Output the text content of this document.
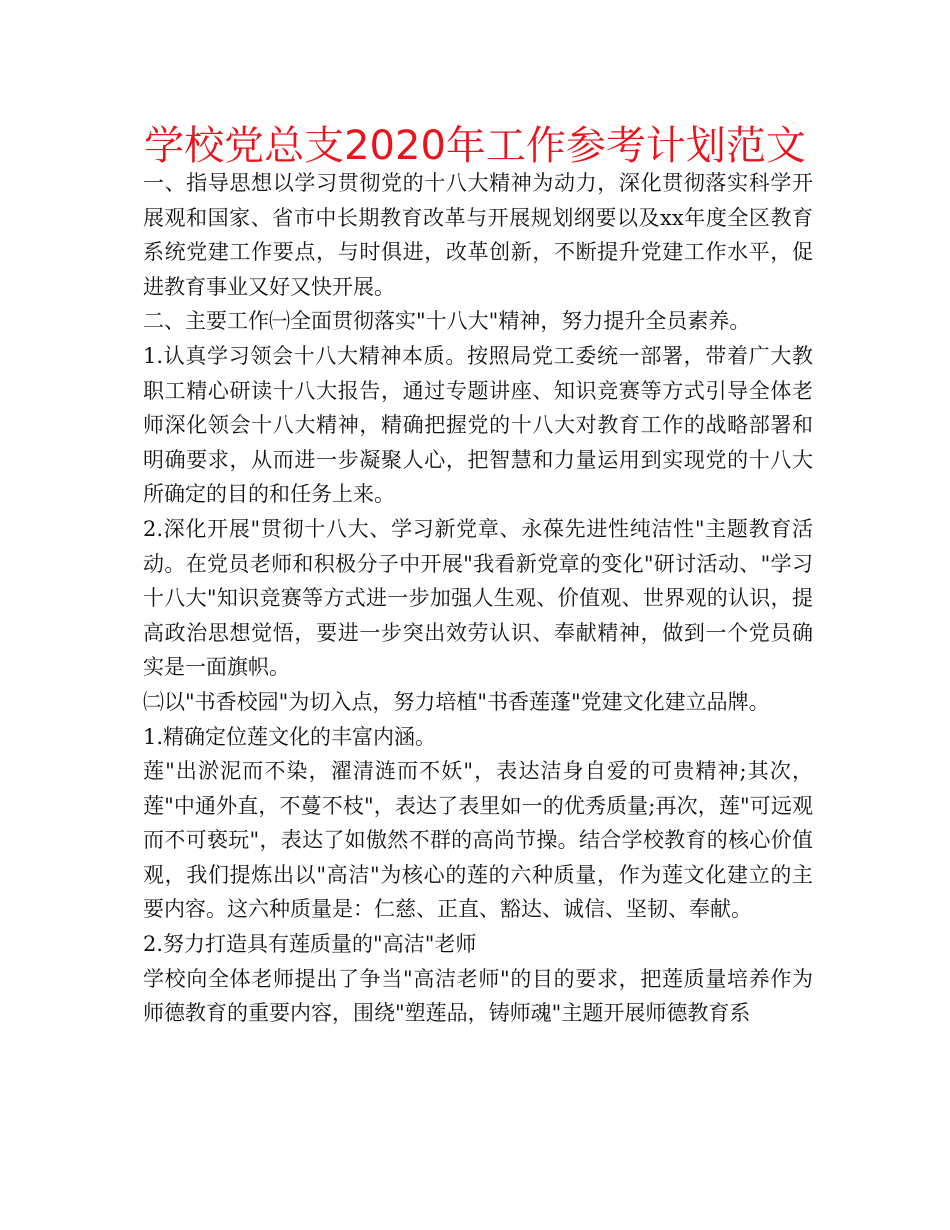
学校党总支2020年工作参考计划范文

一、指导思想以学习贯彻党的十八大精神为动力，深化贯彻落实科学开展观和国家、省市中长期教育改革与开展规划纲要以及xx年度全区教育系统党建工作要点，与时俱进，改革创新，不断提升党建工作水平，促进教育事业又好又快开展。

二、主要工作㈠全面贯彻落实"十八大"精神，努力提升全员素养。

1.认真学习领会十八大精神本质。按照局党工委统一部署，带着广大教职工精心研读十八大报告，通过专题讲座、知识竞赛等方式引导全体老师深化领会十八大精神，精确把握党的十八大对教育工作的战略部署和明确要求，从而进一步凝聚人心，把智慧和力量运用到实现党的十八大所确定的目的和任务上来。

2.深化开展"贯彻十八大、学习新党章、永葆先进性纯洁性"主题教育活动。在党员老师和积极分子中开展"我看新党章的变化"研讨活动、"学习十八大"知识竞赛等方式进一步加强人生观、价值观、世界观的认识，提高政治思想觉悟，要进一步突出效劳认识、奉献精神，做到一个党员确实是一面旗帜。

㈡以"书香校园"为切入点，努力培植"书香莲蓬"党建文化建立品牌。

1.精确定位莲文化的丰富内涵。

莲"出淤泥而不染，濯清涟而不妖"，表达洁身自爱的可贵精神;其次，莲"中通外直，不蔓不枝"，表达了表里如一的优秀质量;再次，莲"可远观而不可亵玩"，表达了如傲然不群的高尚节操。结合学校教育的核心价值观，我们提炼出以"高洁"为核心的莲的六种质量，作为莲文化建立的主要内容。这六种质量是：仁慈、正直、豁达、诚信、坚韧、奉献。

2.努力打造具有莲质量的"高洁"老师

学校向全体老师提出了争当"高洁老师"的目的要求，把莲质量培养作为师德教育的重要内容，围绕"塑莲品，铸师魂"主题开展师德教育系
